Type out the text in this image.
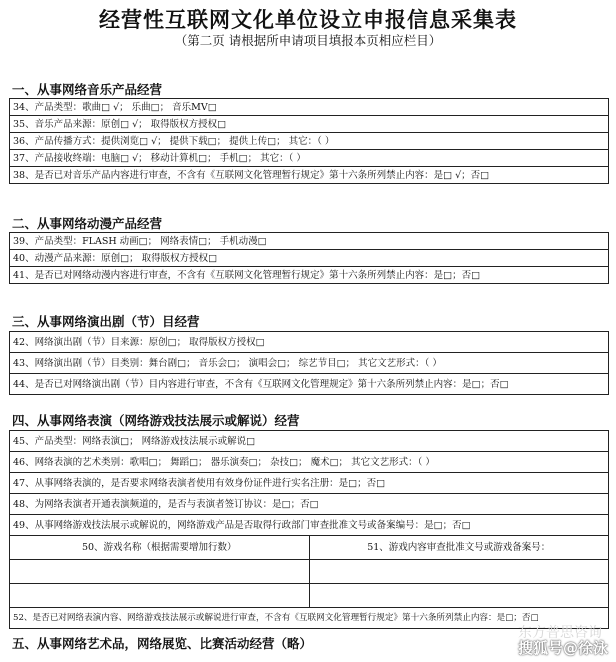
经营性互联网文化单位设立申报信息采集表
（第二页 请根据所申请项目填报本页相应栏目）
一、从事网络音乐产品经营
34、产品类型：歌曲□ √； 乐曲□； 音乐MV□
35、音乐产品来源：原创□ √； 取得版权方授权□
36、产品传播方式：提供浏览□ √； 提供下载□； 提供上传□； 其它：（ ）
37、产品接收终端：电脑□ √； 移动计算机□； 手机□； 其它：（ ）
38、是否已对音乐产品内容进行审查，不含有《互联网文化管理暂行规定》第十六条所列禁止内容：是□ √；否□
二、从事网络动漫产品经营
39、产品类型：FLASH 动画□； 网络表情□； 手机动漫□
40、动漫产品来源：原创□； 取得版权方授权□
41、是否已对网络动漫内容进行审查，不含有《互联网文化管理暂行规定》第十六条所列禁止内容：是□；否□
三、从事网络演出剧（节）目经营
42、网络演出剧（节）目来源：原创□； 取得版权方授权□
43、网络演出剧（节）目类别：舞台剧□； 音乐会□； 演唱会□； 综艺节目□； 其它文艺形式：（ ）
44、是否已对网络演出剧（节）目内容进行审查，不含有《互联网文化管理规定》第十六条所列禁止内容：是□；否□
四、从事网络表演（网络游戏技法展示或解说）经营
45、产品类型：网络表演□； 网络游戏技法展示或解说□
46、网络表演的艺术类别：歌唱□； 舞蹈□； 器乐演奏□； 杂技□； 魔术□； 其它文艺形式：（ ）
47、从事网络表演的，是否要求网络表演者使用有效身份证件进行实名注册：是□；否□
48、为网络表演者开通表演频道的，是否与表演者签订协议：是□；否□
49、从事网络游戏技法展示或解说的，网络游戏产品是否取得行政部门审查批准文号或备案编号：是□；否□
50、游戏名称（根据需要增加行数）	51、游戏内容审查批准文号或游戏备案号：
52、是否已对网络表演内容、网络游戏技法展示或解说进行审查，不含有《互联网文化管理暂行规定》第十六条所列禁止内容：是□；否□
五、从事网络艺术品，网络展览、比赛活动经营（略）
东方普思咨询
搜狐号@徐泳
